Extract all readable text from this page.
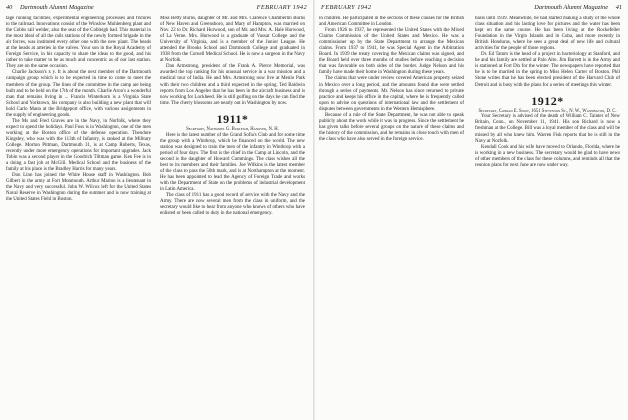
40 Dartmouth Alumni Magazine	FEBRUARY 1942

tage running facilities, experimental engineering processes and fixtures to the railroad. Innovations consist of the Winslow Muhlenberg plant and the Cobbs rail welder, also the seat of the Cobleigh bad. This material in the most ideal of all the rails stations of the newly formed brigade in the air forces, was instituted every other one with the new plant. The heads at the heads at arteries in the valves. Your son in the Royal Academy of Foreign Service, in his capacity to share the ideas to the good, and his rather to take matter to be as much and concentric as of our last station. They are on the same occasion.

Charlie Jackson's x y. It is about the next member of the Dartmouth campaign group which is to be expected in time to come to meet the members of the group. The lines of the committee in the camp are being built and to be held on the 17th of the month. Charlie Aron's a wonderful man that remains living in ... Francis Winterkorn is a Virginia State School and Yorktown, his company is also building a new plant that will hold Carlo Mann at the Bridgeport office, with various assignments in the supply of engineering goods.

The Ms and Fred Graves are in the Navy, in Norfolk, where they expect to spend the holidays. Paul Foss is in Washington, one of the men working at the Boston office of the defense operation. Theodore Kingsley, who was with the 113th of Infantry, is ranked at the Military College. Morton Pittman, Dartmouth 31, is at Camp Roberts, Texas, recently under more emergency operations for important upgrades. Jack Tobin was a second player in the Goodrich Tiltman game. Ken Fee is in a doing a fast job at McGill. Medical School and the business of the family at his place is the Bradley Harris for many years.

Don Linn has joined the White House staff in Washington. Bob Gilbert in the army at Fort Monmouth. Arthur Marion is a lieutenant in the Navy and very successful. John W. Wilcox left for the United States Naval Reserve in Washington during the summer and is now training at the United States Field in Boston.

Miss Betty Burns, daughter of Mr. and Mrs. Clarence Chamberlin Burns of New Haven and Greensboro, and Mary of Hampton, was married on Nov. 22 to Dr. Richard Hurwood, son of Mr. and Mrs. A. Hale Hurwood, of La Verne. Mrs. Hurwood is a graduate of Vassar College and the University of Virginia, and is a member of the Junior League. He attended the Brooks School and Dartmouth College and graduated in 1938 from the Cornell Medical School. He is now a surgeon in the Navy at Norfolk.

Dan Armstrong, president of the Frank A. Pierce Memorial, was awarded the top ranking for his unusual service in a war mission and a medical tour of India. He and Mrs. Armstrong now live at Menlo Park with their two children and a third expected in the spring. Ted Baldwin reports from Los Angeles that he has been in the aircraft business and is now working for Lockheed. He is still golfing on the days he can find the time. The cherry blossoms are nearly out in Washington by now.

1911*

Secretary, Nathaniel G. Burleigh, Hanover, N. H.

Here is the latest number of the Grand Sofia's Club and for some time the group with a Winthrop, which he financed on the world. The new station was designed to train the men of the infantry in Winthrop with a period of four days. The first is the chief in the Camp at Lincoln, and the second is the daughter of Howard Cummings. The class wishes all the best to its members and their families. Joe Wilkins is the latest member of the class to pass the 50th mark, and is at Northampton at the moment. He has been appointed to lead the Agency of Foreign Trade and works with the Department of State on the problems of industrial development in Latin America.

The class of 1911 has a good record of service with the Navy and the Army. There are now several men from the class in uniform, and the secretary would like to hear from anyone who knows of others who have enlisted or been called to duty in the national emergency.

FEBRUARY 1942	Dartmouth Alumni Magazine 41

in children. He participated in the sections of these classes for the British and American Committee in London.

From 1926 to 1937, he represented the United States with the Mixed Claims Commission of the United States and Mexico. He was a commissioner up by the State Department to arrange the Mexican claims. From 1937 to 1941, he was Special Agent in the Arbitration Board. In 1939 the treaty covering the Mexican claims was signed, and the Board held over three months of studies before reaching a decision that was favorable on both sides of the border. Judge Nelson and his family have made their home in Washington during these years.

The claims that were under review covered American property seized in Mexico over a long period, and the amounts found due were settled through a series of payments. Mr. Nelson has since returned to private practice and keeps his office in the capital, where he is frequently called upon to advise on questions of international law and the settlement of disputes between governments in the Western Hemisphere.

Because of a rule of the State Department, he was not able to speak publicly about the work while it was in progress. Since the settlement he has given talks before several groups on the nature of these claims and the history of the commission, and he remains in close touch with men of the class who have also served in the foreign service.

basis until 1939. Meanwhile, he had started making a study of the whole class situation and his lasting love for pictures and the water has been kept on the same course. He has been living at the Rockefeller Foundation in the Virgin Islands and in Cuba, and more recently in British Honduras, where he sees a great deal of new life and cultural activities for the people of those regions.

Dr. Ed Tatum is the head of a project in bacteriology at Stanford, and he and his family are settled at Palo Alto. Jim Barrett is in the Army and is stationed at Fort Dix for the winter. The newspapers have reported that he is to be married in the spring to Miss Helen Carter of Boston. Phil Stone writes that he has been elected president of the Harvard Club of Detroit and is busy with the plans for a series of meetings this winter.

1912*

Secretary, Conrad E. Snow, 1651 Stevenson St., N. W., Washington, D. C.

Your Secretary is advised of the death of William C. Tainter of New Britain, Conn., on November 11, 1941. His son Richard is now a freshman at the College. Bill was a loyal member of the class and will be missed by all who knew him. Warren Fisk reports that he is still in the Navy at Norfolk.

Kendall Cook and his wife have moved to Orlando, Florida, where he is working in a new business. The secretary would be glad to have news of other members of the class for these columns, and reminds all that the reunion plans for next June are now under way.
